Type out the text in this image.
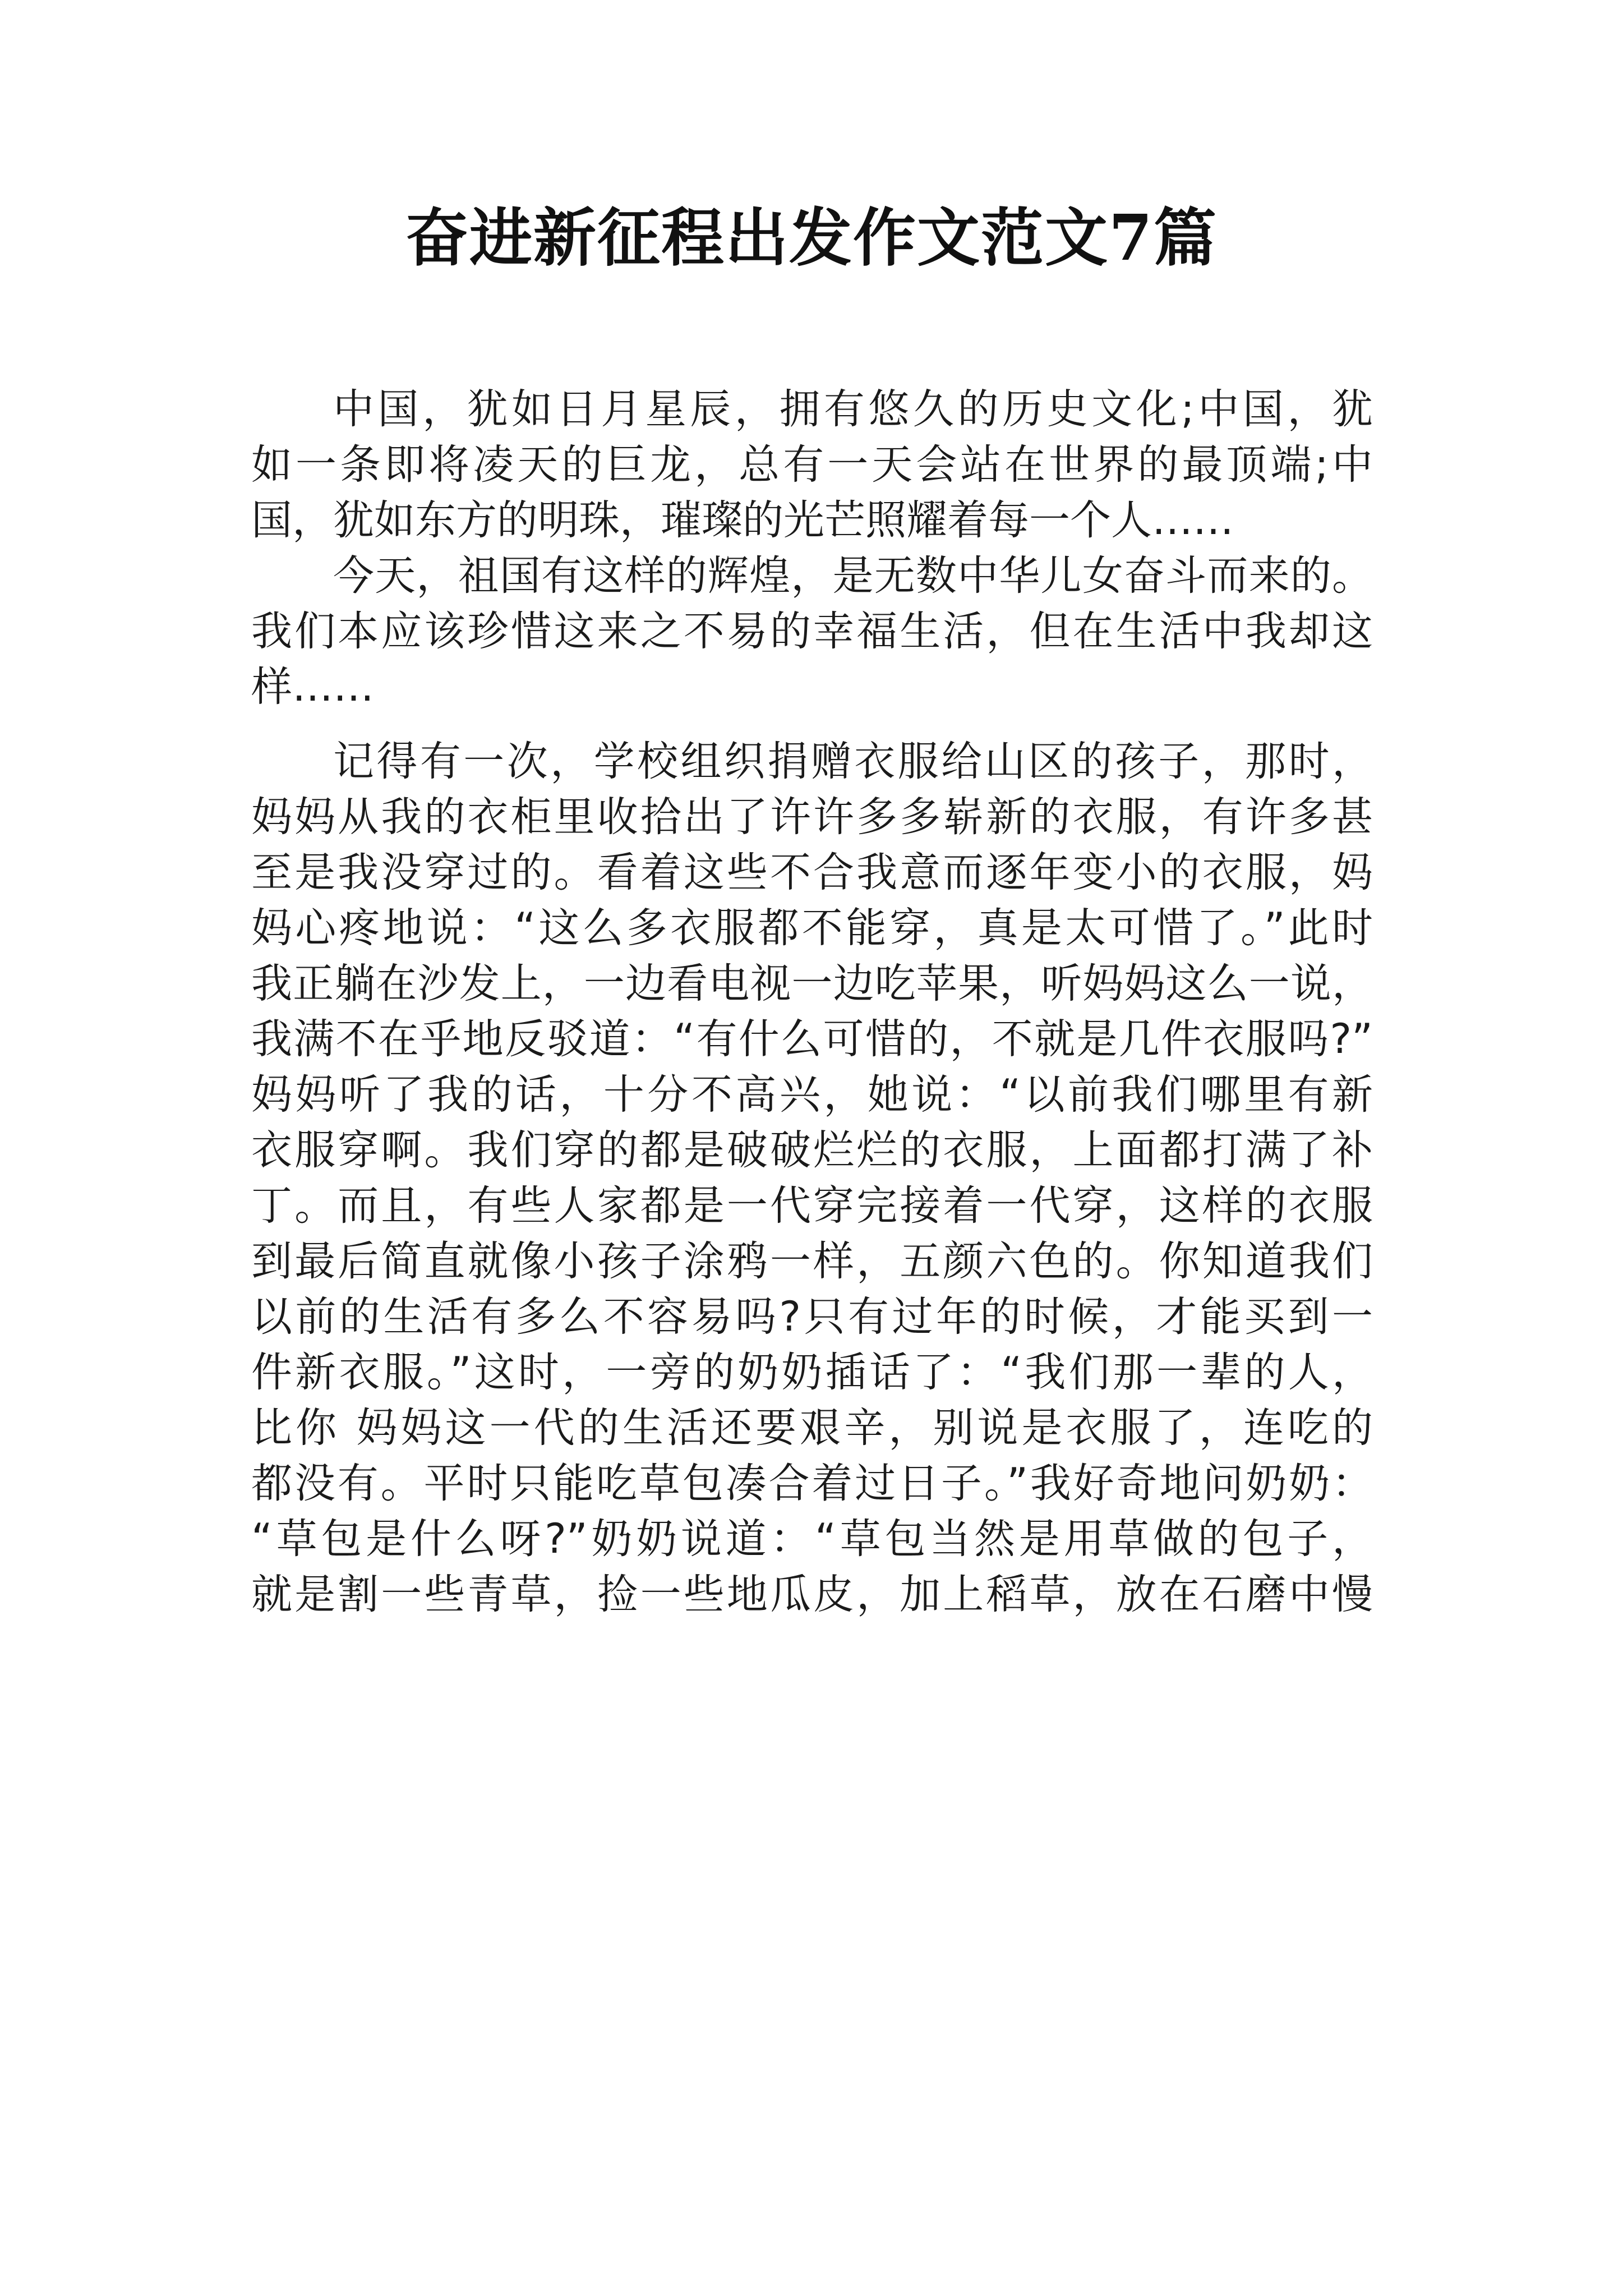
奋进新征程出发作文范文7篇
中国，犹如日月星辰，拥有悠久的历史文化;中国，犹
如一条即将凌天的巨龙，总有一天会站在世界的最顶端;中
国，犹如东方的明珠，璀璨的光芒照耀着每一个人……
今天，祖国有这样的辉煌，是无数中华儿女奋斗而来的。
我们本应该珍惜这来之不易的幸福生活，但在生活中我却这
样……
记得有一次，学校组织捐赠衣服给山区的孩子，那时，
妈妈从我的衣柜里收拾出了许许多多崭新的衣服，有许多甚
至是我没穿过的。看着这些不合我意而逐年变小的衣服，妈
妈心疼地说：“这么多衣服都不能穿，真是太可惜了。”此时
我正躺在沙发上，一边看电视一边吃苹果，听妈妈这么一说，
我满不在乎地反驳道：“有什么可惜的，不就是几件衣服吗?”
妈妈听了我的话，十分不高兴，她说：“以前我们哪里有新
衣服穿啊。我们穿的都是破破烂烂的衣服，上面都打满了补
丁。而且，有些人家都是一代穿完接着一代穿，这样的衣服
到最后简直就像小孩子涂鸦一样，五颜六色的。你知道我们
以前的生活有多么不容易吗?只有过年的时候，才能买到一
件新衣服。”这时，一旁的奶奶插话了：“我们那一辈的人，
比你 妈妈这一代的生活还要艰辛，别说是衣服了，连吃的
都没有。平时只能吃草包凑合着过日子。”我好奇地问奶奶：
“草包是什么呀?”奶奶说道：“草包当然是用草做的包子，
就是割一些青草，捡一些地瓜皮，加上稻草，放在石磨中慢
